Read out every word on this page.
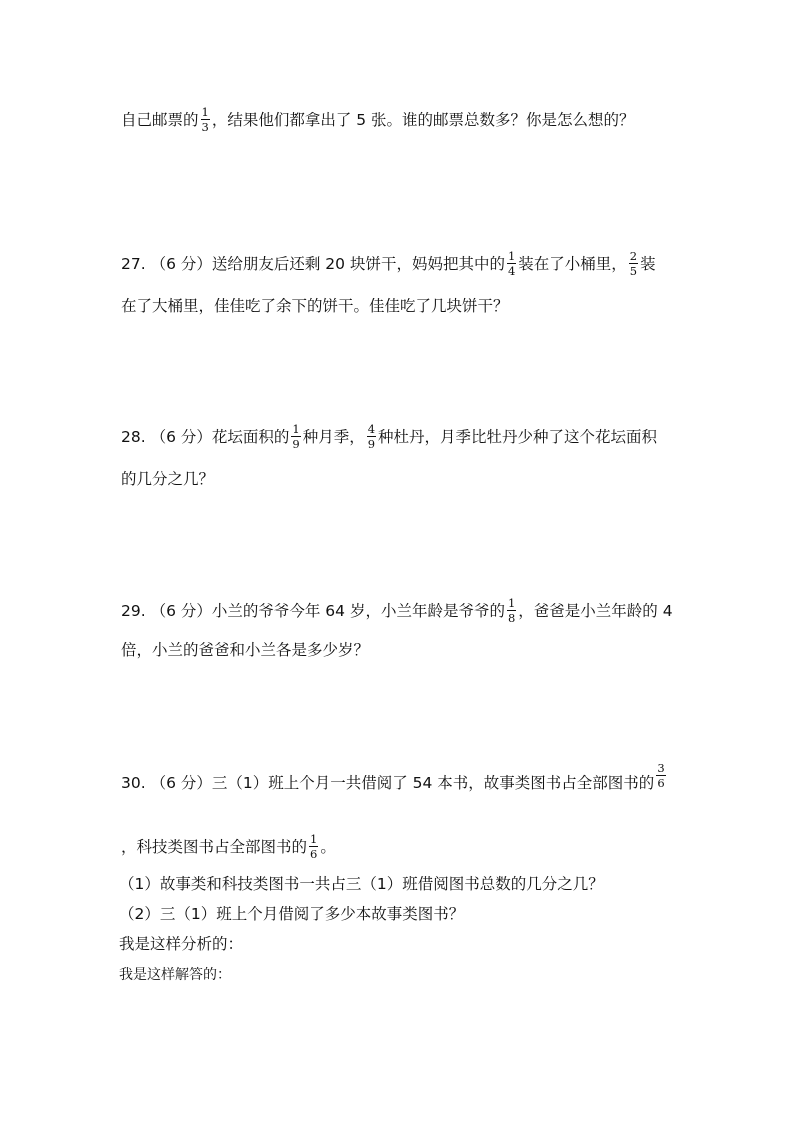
自己邮票的 $\frac{1}{3}$ ，结果他们都拿出了 5 张。谁的邮票总数多？你是怎么想的？
27. （6 分）送给朋友后还剩 20 块饼干，妈妈把其中的 $\frac{1}{4}$ 装在了小桶里， $\frac{2}{5}$ 装
在了大桶里，佳佳吃了余下的饼干。佳佳吃了几块饼干？
28. （6 分）花坛面积的 $\frac{1}{9}$ 种月季， $\frac{4}{9}$ 种杜丹，月季比牡丹少种了这个花坛面积
的几分之几？
29. （6 分）小兰的爷爷今年 64 岁，小兰年龄是爷爷的 $\frac{1}{8}$ ，爸爸是小兰年龄的 4
倍，小兰的爸爸和小兰各是多少岁？
30. （6 分）三（1）班上个月一共借阅了 54 本书，故事类图书占全部图书的 $\frac{3}{6}$
，科技类图书占全部图书的 $\frac{1}{6}$ 。
（1）故事类和科技类图书一共占三（1）班借阅图书总数的几分之几？
（2）三（1）班上个月借阅了多少本故事类图书？
我是这样分析的：
我是这样解答的：
